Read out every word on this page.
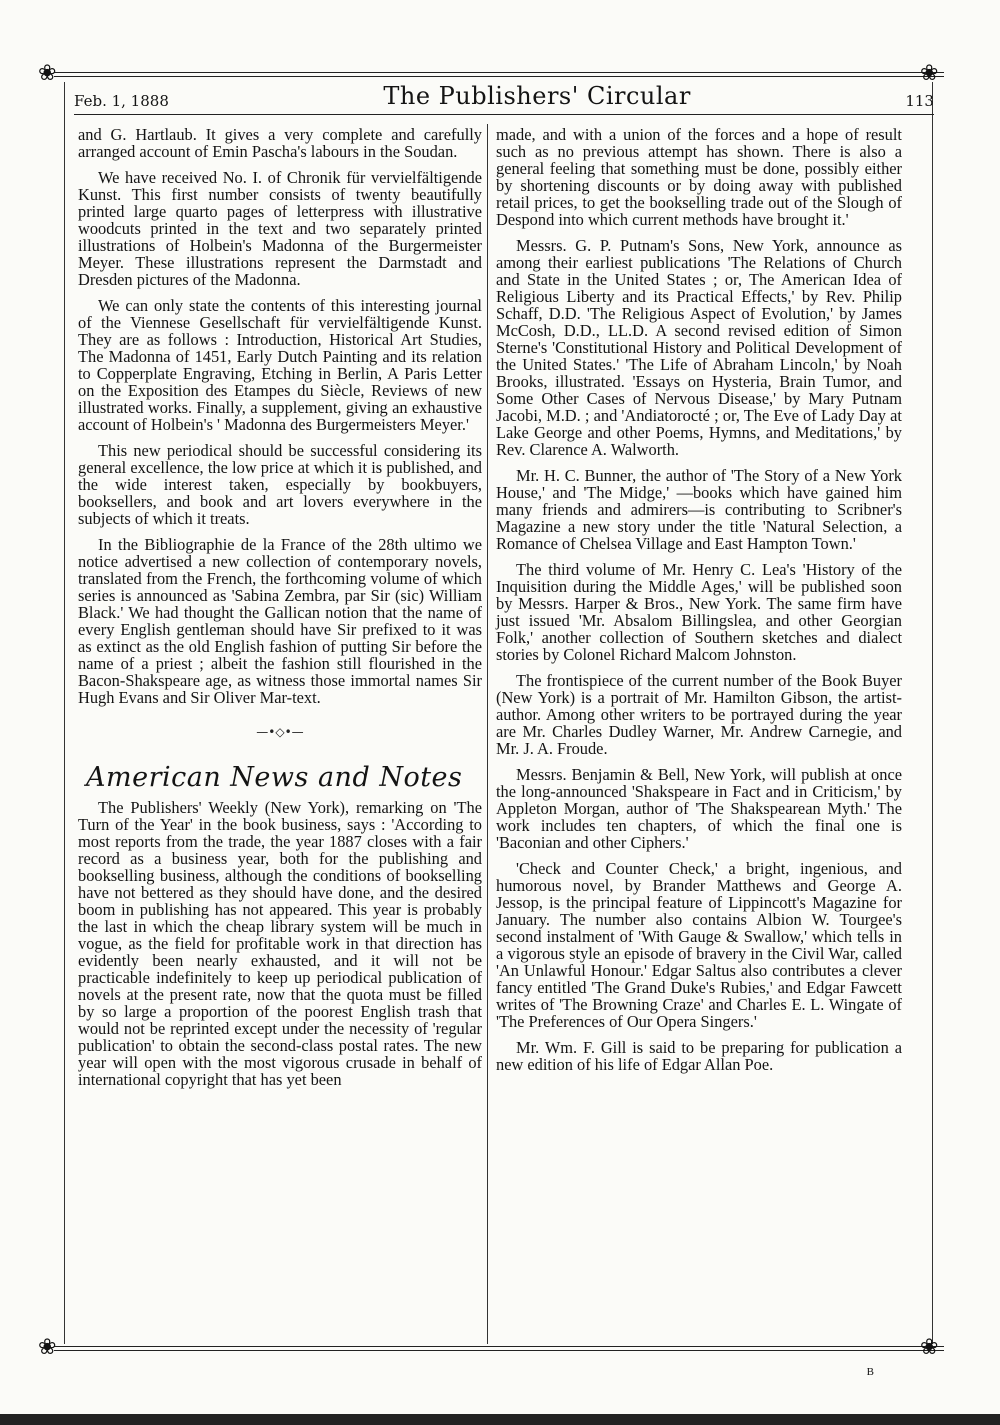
❀	❀
❀	❀
Feb. 1, 1888	The Publishers' Circular	113

and G. Hartlaub. It gives a very complete and carefully arranged account of Emin Pascha's labours in the Soudan.

We have received No. I. of Chronik für vervielfältigende Kunst. This first number consists of twenty beautifully printed large quarto pages of letterpress with illustrative woodcuts printed in the text and two separately printed illustrations of Holbein's Madonna of the Burgermeister Meyer. These illustrations represent the Darmstadt and Dresden pictures of the Madonna.

We can only state the contents of this interesting journal of the Viennese Gesellschaft für vervielfältigende Kunst. They are as follows : Introduction, Historical Art Studies, The Madonna of 1451, Early Dutch Painting and its relation to Copperplate Engraving, Etching in Berlin, A Paris Letter on the Exposition des Etampes du Siècle, Reviews of new illustrated works. Finally, a supplement, giving an exhaustive account of Holbein's ' Madonna des Burgermeisters Meyer.'

This new periodical should be successful considering its general excellence, the low price at which it is published, and the wide interest taken, especially by bookbuyers, booksellers, and book and art lovers everywhere in the subjects of which it treats.

In the Bibliographie de la France of the 28th ultimo we notice advertised a new collection of contemporary novels, translated from the French, the forthcoming volume of which series is announced as 'Sabina Zembra, par Sir (sic) William Black.' We had thought the Gallican notion that the name of every English gentleman should have Sir prefixed to it was as extinct as the old English fashion of putting Sir before the name of a priest ; albeit the fashion still flourished in the Bacon-Shakspeare age, as witness those immortal names Sir Hugh Evans and Sir Oliver Mar-text.

—•◇•—
American News and Notes

The Publishers' Weekly (New York), remarking on 'The Turn of the Year' in the book business, says : 'According to most reports from the trade, the year 1887 closes with a fair record as a business year, both for the publishing and bookselling business, although the conditions of bookselling have not bettered as they should have done, and the desired boom in publishing has not appeared. This year is probably the last in which the cheap library system will be much in vogue, as the field for profitable work in that direction has evidently been nearly exhausted, and it will not be practicable indefinitely to keep up periodical publication of novels at the present rate, now that the quota must be filled by so large a proportion of the poorest English trash that would not be reprinted except under the necessity of 'regular publication' to obtain the second-class postal rates. The new year will open with the most vigorous crusade in behalf of international copyright that has yet been

made, and with a union of the forces and a hope of result such as no previous attempt has shown. There is also a general feeling that something must be done, possibly either by shortening discounts or by doing away with published retail prices, to get the bookselling trade out of the Slough of Despond into which current methods have brought it.'

Messrs. G. P. Putnam's Sons, New York, announce as among their earliest publications 'The Relations of Church and State in the United States ; or, The American Idea of Religious Liberty and its Practical Effects,' by Rev. Philip Schaff, D.D. 'The Religious Aspect of Evolution,' by James McCosh, D.D., LL.D. A second revised edition of Simon Sterne's 'Constitutional History and Political Development of the United States.' 'The Life of Abraham Lincoln,' by Noah Brooks, illustrated. 'Essays on Hysteria, Brain Tumor, and Some Other Cases of Nervous Disease,' by Mary Putnam Jacobi, M.D. ; and 'Andiatorocté ; or, The Eve of Lady Day at Lake George and other Poems, Hymns, and Meditations,' by Rev. Clarence A. Walworth.

Mr. H. C. Bunner, the author of 'The Story of a New York House,' and 'The Midge,' —books which have gained him many friends and admirers—is contributing to Scribner's Magazine a new story under the title 'Natural Selection, a Romance of Chelsea Village and East Hampton Town.'

The third volume of Mr. Henry C. Lea's 'History of the Inquisition during the Middle Ages,' will be published soon by Messrs. Harper & Bros., New York. The same firm have just issued 'Mr. Absalom Billingslea, and other Georgian Folk,' another collection of Southern sketches and dialect stories by Colonel Richard Malcom Johnston.

The frontispiece of the current number of the Book Buyer (New York) is a portrait of Mr. Hamilton Gibson, the artist-author. Among other writers to be portrayed during the year are Mr. Charles Dudley Warner, Mr. Andrew Carnegie, and Mr. J. A. Froude.

Messrs. Benjamin & Bell, New York, will publish at once the long-announced 'Shakspeare in Fact and in Criticism,' by Appleton Morgan, author of 'The Shakspearean Myth.' The work includes ten chapters, of which the final one is 'Baconian and other Ciphers.'

'Check and Counter Check,' a bright, ingenious, and humorous novel, by Brander Matthews and George A. Jessop, is the principal feature of Lippincott's Magazine for January. The number also contains Albion W. Tourgee's second instalment of 'With Gauge & Swallow,' which tells in a vigorous style an episode of bravery in the Civil War, called 'An Unlawful Honour.' Edgar Saltus also contributes a clever fancy entitled 'The Grand Duke's Rubies,' and Edgar Fawcett writes of 'The Browning Craze' and Charles E. L. Wingate of 'The Preferences of Our Opera Singers.'

Mr. Wm. F. Gill is said to be preparing for publication a new edition of his life of Edgar Allan Poe.

B
